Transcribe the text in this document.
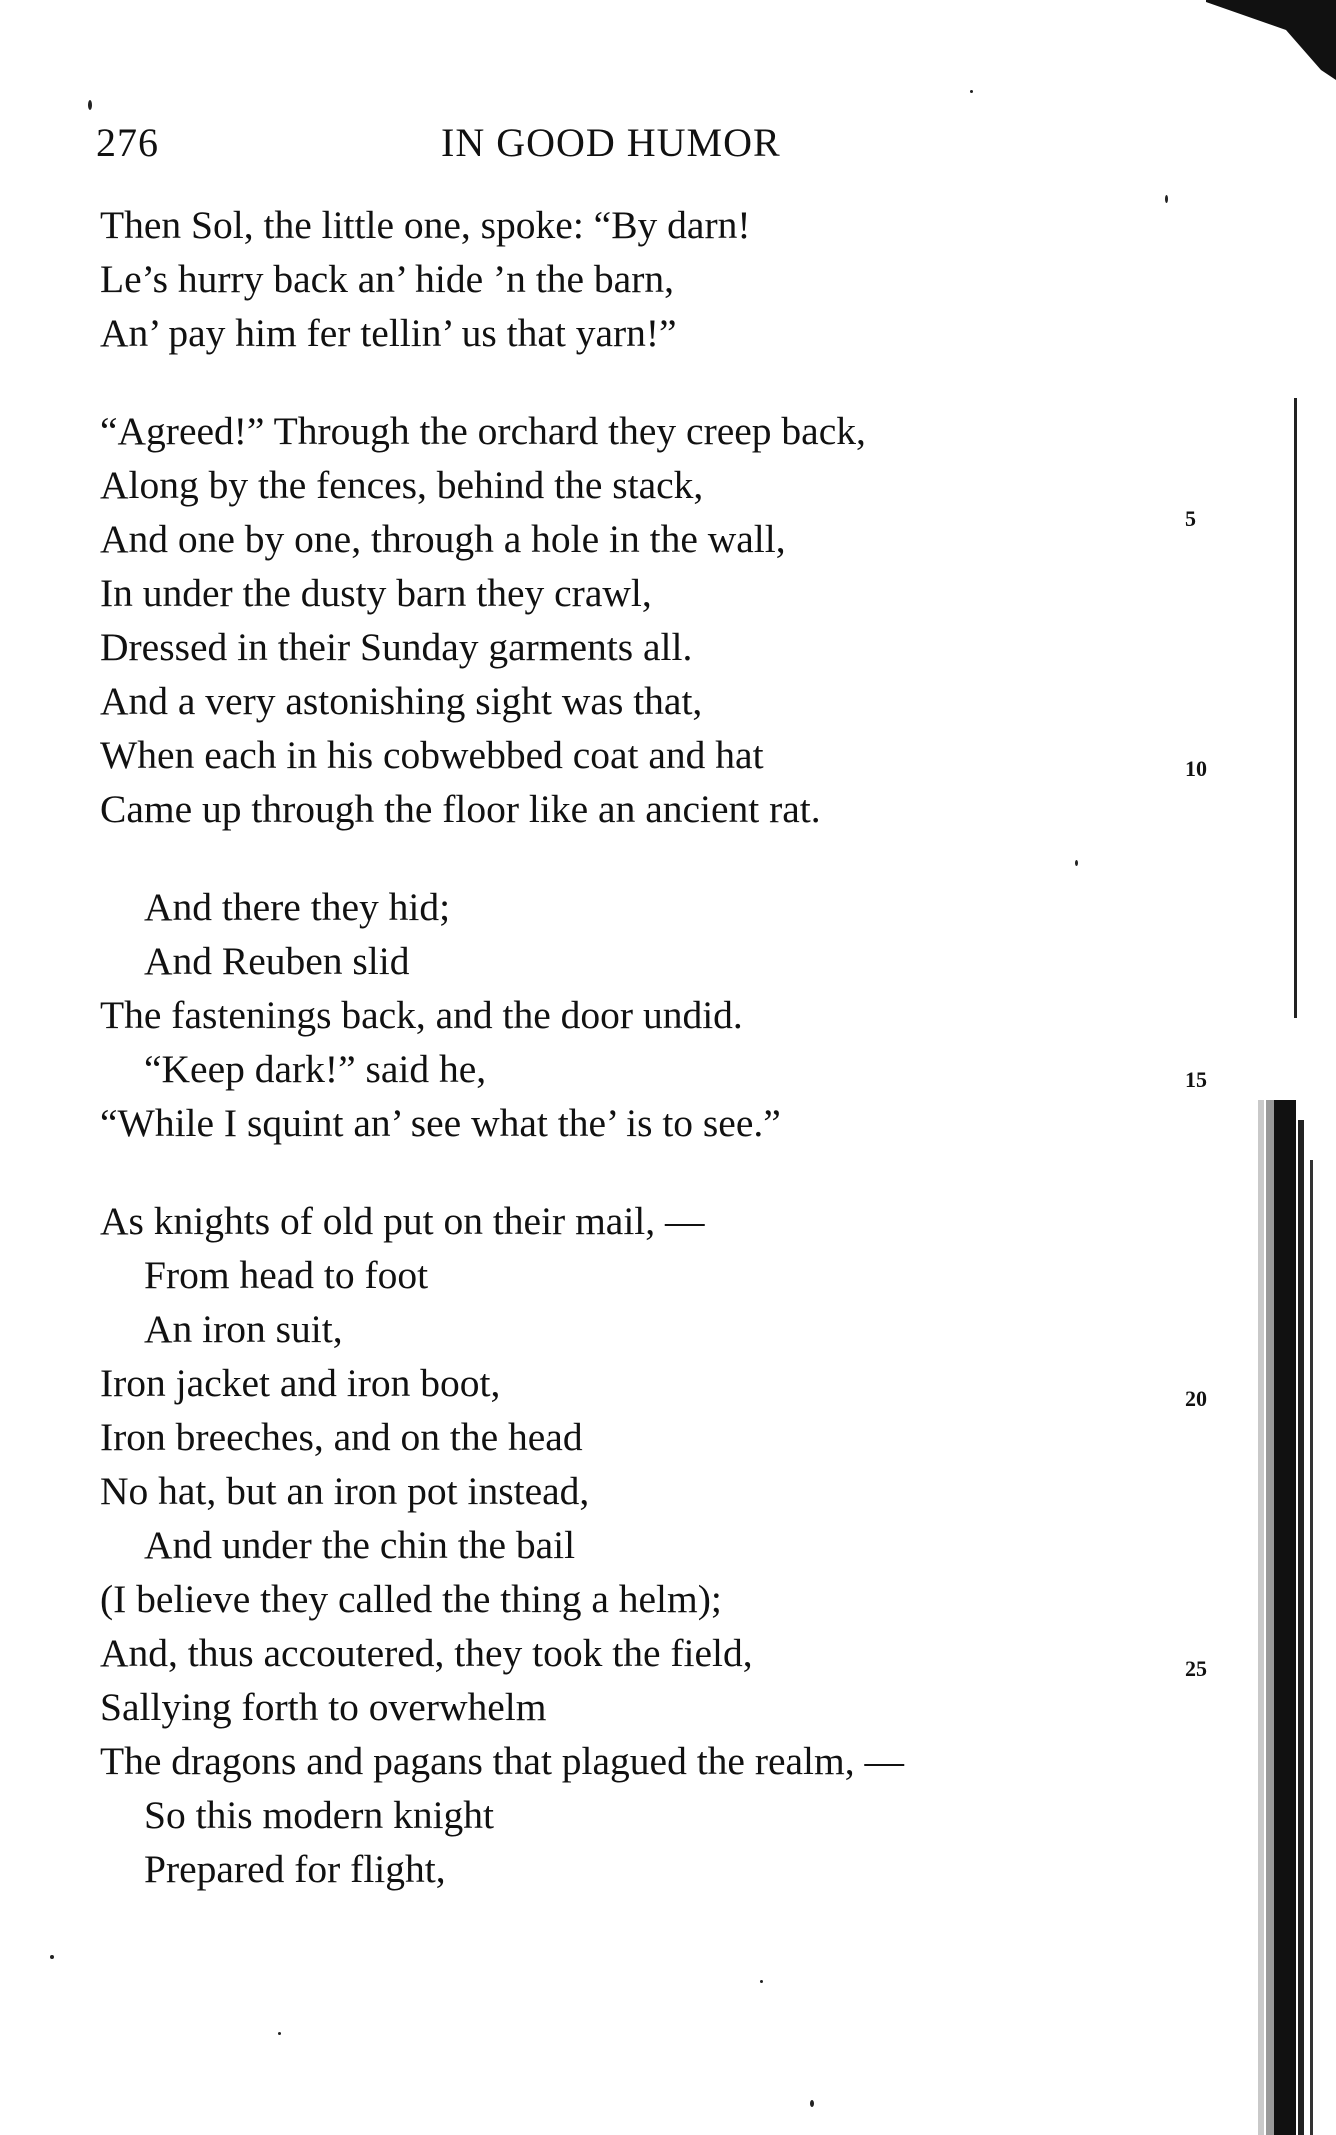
276	IN GOOD HUMOR
Then Sol, the little one, spoke: “By darn!
Le’s hurry back an’ hide ’n the barn,
An’ pay him fer tellin’ us that yarn!”
“Agreed!” Through the orchard they creep back,
Along by the fences, behind the stack,
And one by one, through a hole in the wall,
In under the dusty barn they crawl,
Dressed in their Sunday garments all.
And a very astonishing sight was that,
When each in his cobwebbed coat and hat
Came up through the floor like an ancient rat.
And there they hid;
And Reuben slid
The fastenings back, and the door undid.
“Keep dark!” said he,
“While I squint an’ see what the’ is to see.”
As knights of old put on their mail, —
From head to foot
An iron suit,
Iron jacket and iron boot,
Iron breeches, and on the head
No hat, but an iron pot instead,
And under the chin the bail
(I believe they called the thing a helm);
And, thus accoutered, they took the field,
Sallying forth to overwhelm
The dragons and pagans that plagued the realm, —
So this modern knight
Prepared for flight,
5
10
15
20
25
